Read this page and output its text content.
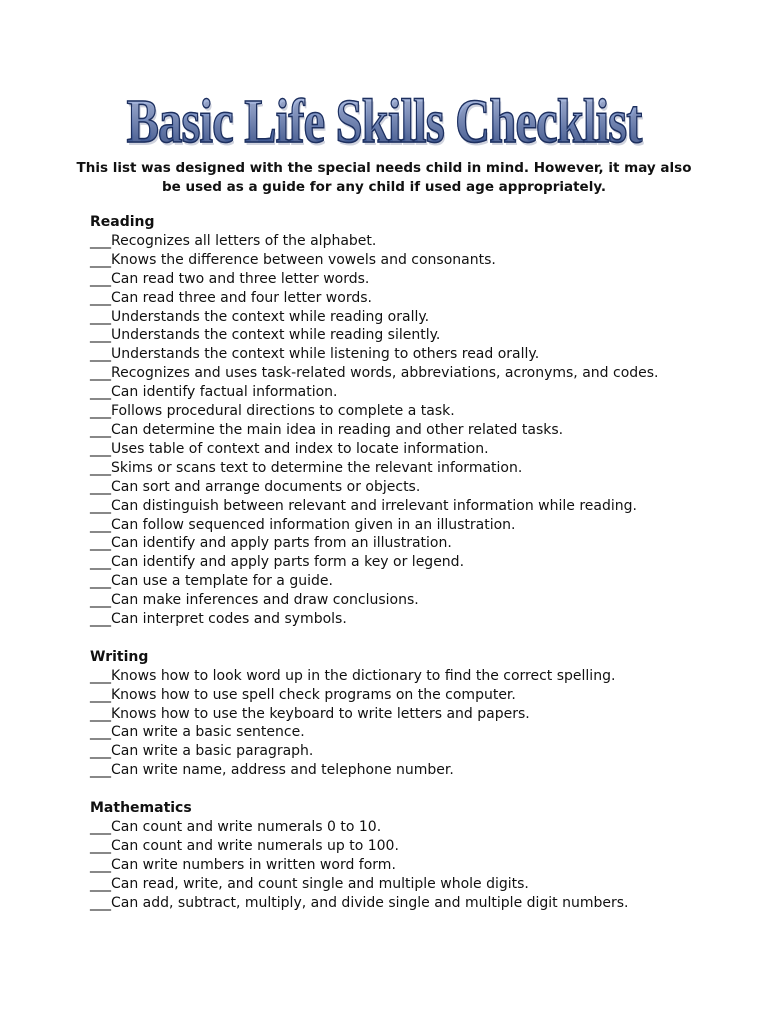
Basic Life Skills Checklist
This list was designed with the special needs child in mind. However, it may also
be used as a guide for any child if used age appropriately.
Reading
___Recognizes all letters of the alphabet.
___Knows the difference between vowels and consonants.
___Can read two and three letter words.
___Can read three and four letter words.
___Understands the context while reading orally.
___Understands the context while reading silently.
___Understands the context while listening to others read orally.
___Recognizes and uses task-related words, abbreviations, acronyms, and codes.
___Can identify factual information.
___Follows procedural directions to complete a task.
___Can determine the main idea in reading and other related tasks.
___Uses table of context and index to locate information.
___Skims or scans text to determine the relevant information.
___Can sort and arrange documents or objects.
___Can distinguish between relevant and irrelevant information while reading.
___Can follow sequenced information given in an illustration.
___Can identify and apply parts from an illustration.
___Can identify and apply parts form a key or legend.
___Can use a template for a guide.
___Can make inferences and draw conclusions.
___Can interpret codes and symbols.
Writing
___Knows how to look word up in the dictionary to find the correct spelling.
___Knows how to use spell check programs on the computer.
___Knows how to use the keyboard to write letters and papers.
___Can write a basic sentence.
___Can write a basic paragraph.
___Can write name, address and telephone number.
Mathematics
___Can count and write numerals 0 to 10.
___Can count and write numerals up to 100.
___Can write numbers in written word form.
___Can read, write, and count single and multiple whole digits.
___Can add, subtract, multiply, and divide single and multiple digit numbers.
